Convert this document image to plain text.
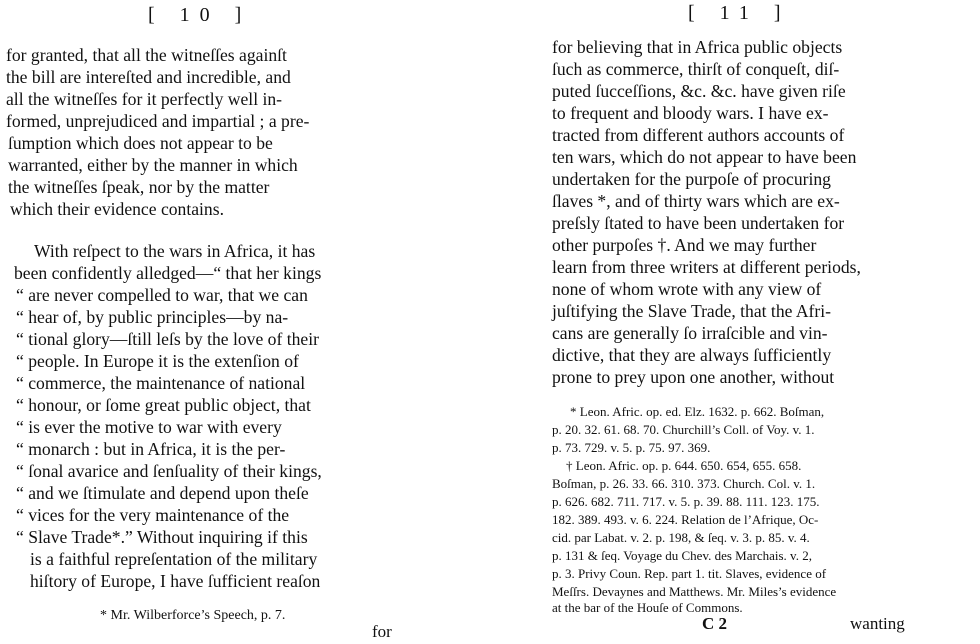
[ 10 ]
for granted, that all the witneſſes againſt
the bill are intereſted and incredible, and
all the witneſſes for it perfectly well in-
formed, unprejudiced and impartial ; a pre-
ſumption which does not appear to be
warranted, either by the manner in which
the witneſſes ſpeak, nor by the matter
which their evidence contains.
With reſpect to the wars in Africa, it has
been confidently alledged—“ that her kings
“ are never compelled to war, that we can
“ hear of, by public principles—by na-
“ tional glory—ſtill leſs by the love of their
“ people. In Europe it is the extenſion of
“ commerce, the maintenance of national
“ honour, or ſome great public object, that
“ is ever the motive to war with every
“ monarch : but in Africa, it is the per-
“ ſonal avarice and ſenſuality of their kings,
“ and we ſtimulate and depend upon theſe
“ vices for the very maintenance of the
“ Slave Trade*.” Without inquiring if this
is a faithful repreſentation of the military
hiſtory of Europe, I have ſufficient reaſon
* Mr. Wilberforce’s Speech, p. 7.
for
[ 11 ]
for believing that in Africa public objects
ſuch as commerce, thirſt of conqueſt, diſ-
puted ſucceſſions, &c. &c. have given riſe
to frequent and bloody wars. I have ex-
tracted from different authors accounts of
ten wars, which do not appear to have been
undertaken for the purpoſe of procuring
ſlaves *, and of thirty wars which are ex-
preſsly ſtated to have been undertaken for
other purpoſes †. And we may further
learn from three writers at different periods,
none of whom wrote with any view of
juſtifying the Slave Trade, that the Afri-
cans are generally ſo irraſcible and vin-
dictive, that they are always ſufficiently
prone to prey upon one another, without
* Leon. Afric. op. ed. Elz. 1632. p. 662. Boſman,
p. 20. 32. 61. 68. 70. Churchill’s Coll. of Voy. v. 1.
p. 73. 729. v. 5. p. 75. 97. 369.
† Leon. Afric. op. p. 644. 650. 654, 655. 658.
Boſman, p. 26. 33. 66. 310. 373. Church. Col. v. 1.
p. 626. 682. 711. 717. v. 5. p. 39. 88. 111. 123. 175.
182. 389. 493. v. 6. 224. Relation de l’Afrique, Oc-
cid. par Labat. v. 2. p. 198, & ſeq. v. 3. p. 85. v. 4.
p. 131 & ſeq. Voyage du Chev. des Marchais. v. 2,
p. 3. Privy Coun. Rep. part 1. tit. Slaves, evidence of
Meſſrs. Devaynes and Matthews. Mr. Miles’s evidence
at the bar of the Houſe of Commons.
C 2	wanting
